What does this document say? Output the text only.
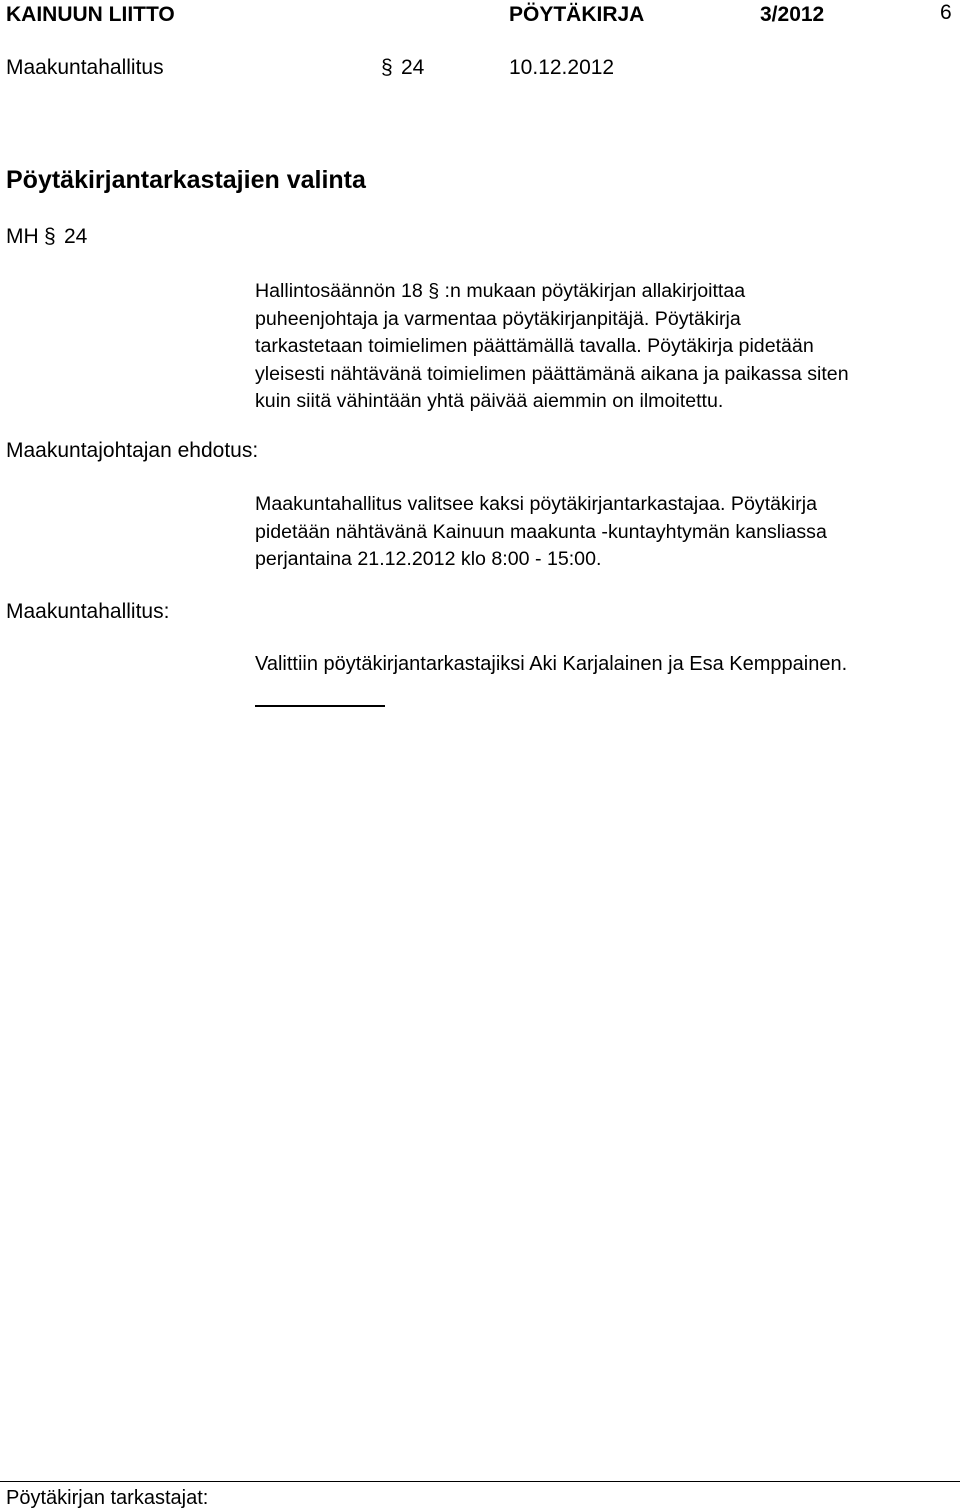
KAINUUN LIITTO	PÖYTÄKIRJA	3/2012	6
Maakuntahallitus	§ 24	10.12.2012
Pöytäkirjantarkastajien valinta
MH § 24
Hallintosäännön 18 § :n mukaan pöytäkirjan allakirjoittaa
puheenjohtaja ja varmentaa pöytäkirjanpitäjä. Pöytäkirja
tarkastetaan toimielimen päättämällä tavalla. Pöytäkirja pidetään
yleisesti nähtävänä toimielimen päättämänä aikana ja paikassa siten
kuin siitä vähintään yhtä päivää aiemmin on ilmoitettu.
Maakuntajohtajan ehdotus:
Maakuntahallitus valitsee kaksi pöytäkirjantarkastajaa. Pöytäkirja
pidetään nähtävänä Kainuun maakunta -kuntayhtymän kansliassa
perjantaina 21.12.2012 klo 8:00 - 15:00.
Maakuntahallitus:
Valittiin pöytäkirjantarkastajiksi Aki Karjalainen ja Esa Kemppainen.
Pöytäkirjan tarkastajat:
